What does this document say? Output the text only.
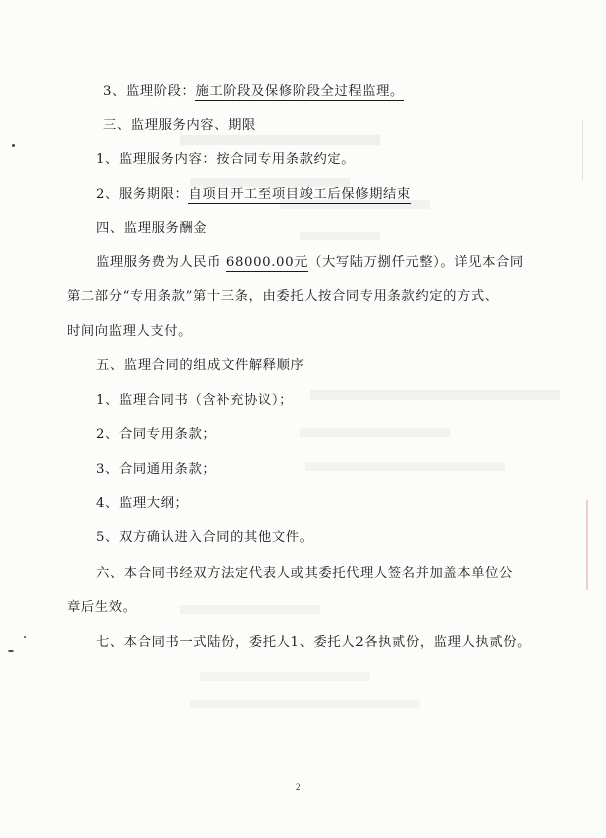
3、监理阶段：施工阶段及保修阶段全过程监理。
三、监理服务内容、期限
1、监理服务内容：按合同专用条款约定。
2、服务期限：自项目开工至项目竣工后保修期结束
四、监理服务酬金
监理服务费为人民币 68000.00元（大写陆万捌仟元整）。详见本合同
第二部分“专用条款”第十三条，由委托人按合同专用条款约定的方式、
时间向监理人支付。
五、监理合同的组成文件解释顺序
1、监理合同书（含补充协议）；
2、合同专用条款；
3、合同通用条款；
4、监理大纲；
5、双方确认进入合同的其他文件。
六、本合同书经双方法定代表人或其委托代理人签名并加盖本单位公
章后生效。
七、本合同书一式陆份，委托人1、委托人2各执贰份，监理人执贰份。
2
